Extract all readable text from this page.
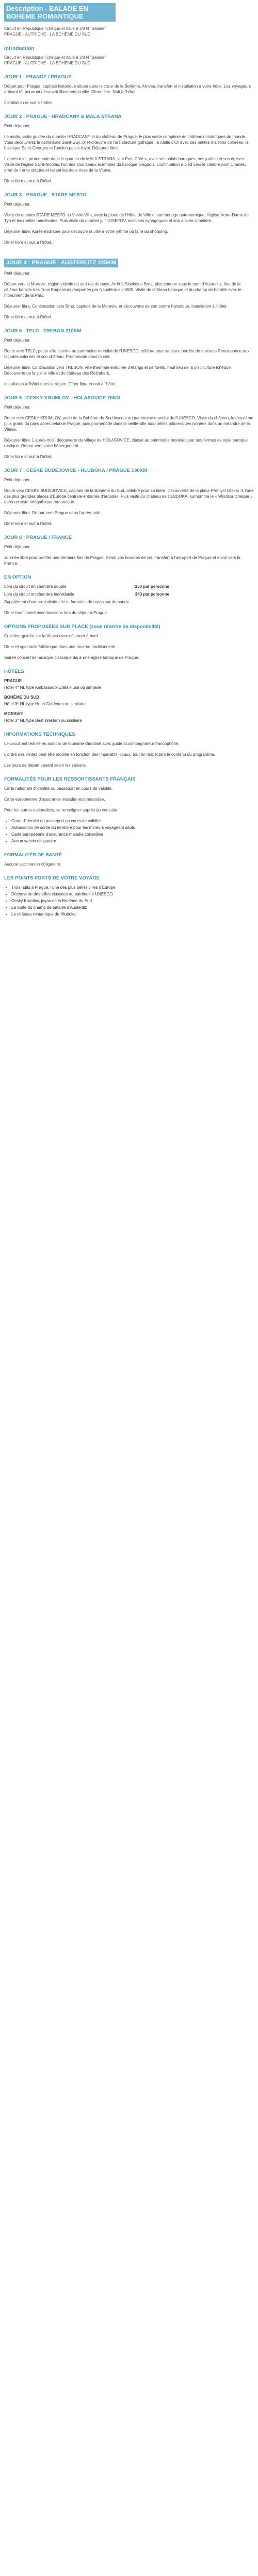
Description - BALADE EN BOHÈME ROMANTIQUE

Circuit en République Tchèque et Italie 9 J/8 N "Balade"

PRAGUE - AUTRICHE - LA BOHÈME DU SUD

Introduction

Circuit en République Tchèque et Italie 9 J/8 N "Balade"

PRAGUE - AUTRICHE - LA BOHÈME DU SUD

JOUR 1 : FRANCE / PRAGUE

Départ pour Prague, capitale historique située dans le cœur de la Bohême. Arrivée, transfert et installation à votre hôtel. Les voyageurs arrivant tôt pourront découvrir librement la ville. Dîner libre. Nuit à l'hôtel.

Installation et nuit à l'hôtel.

JOUR 2 : PRAGUE - HRADCANY & MALA STRANA

Petit déjeuner.

Le matin, visite guidée du quartier HRADCANY et du château de Prague, le plus vaste complexe de châteaux historiques du monde. Vous découvrirez la cathédrale Saint-Guy, chef-d'œuvre de l'architecture gothique, la ruelle d'Or avec ses petites maisons colorées, la basilique Saint-Georges et l'ancien palais royal. Déjeuner libre.

L'après-midi, promenade dans le quartier de MALA STRANA, le « Petit Côté », avec ses palais baroques, ses jardins et ses églises. Visite de l'église Saint-Nicolas, l'un des plus beaux exemples du baroque praguois. Continuation à pied vers le célèbre pont Charles, orné de trente statues et reliant les deux rives de la Vltava.

Dîner libre et nuit à l'hôtel.

JOUR 3 : PRAGUE - STARE MESTO

Petit déjeuner.

Visite du quartier STARE MESTO, la Vieille Ville, avec la place de l'Hôtel de Ville et son horloge astronomique, l'église Notre-Dame de Týn et les ruelles médiévales. Puis visite du quartier juif JOSEFOV, avec ses synagogues et son ancien cimetière.

Déjeuner libre. Après-midi libre pour découvrir la ville à votre rythme ou faire du shopping.

Dîner libre et nuit à l'hôtel.

JOUR 4 : PRAGUE - AUSTERLITZ 225KM

Petit déjeuner.

Départ vers la Moravie, région viticole du sud-est du pays. Arrêt à Slavkov u Brna, plus connue sous le nom d'Austerlitz, lieu de la célèbre bataille des Trois Empereurs remportée par Napoléon en 1805. Visite du château baroque et du champ de bataille avec le monument de la Paix.

Déjeuner libre. Continuation vers Brno, capitale de la Moravie, et découverte de son centre historique. Installation à l'hôtel.

Dîner libre et nuit à l'hôtel.

JOUR 5 : TELC - TREBON 210KM

Petit déjeuner.

Route vers TELC, petite ville inscrite au patrimoine mondial de l'UNESCO, célèbre pour sa place bordée de maisons Renaissance aux façades colorées et son château. Promenade dans la cité.

Déjeuner libre. Continuation vers TREBON, ville thermale entourée d'étangs et de forêts, haut lieu de la pisciculture tchèque. Découverte de la vieille ville et du château des Rožmberk.

Installation à l'hôtel dans la région. Dîner libre et nuit à l'hôtel.

JOUR 6 : CESKY KRUMLOV - HOLASOVICE 75KM

Petit déjeuner.

Route vers CESKY KRUMLOV, perle de la Bohême du Sud inscrite au patrimoine mondial de l'UNESCO. Visite du château, le deuxième plus grand du pays après celui de Prague, puis promenade dans la vieille ville aux ruelles pittoresques nichées dans un méandre de la Vltava.

Déjeuner libre. L'après-midi, découverte du village de HOLASOVICE, classé au patrimoine mondial pour ses fermes de style baroque rustique. Retour vers votre hébergement.

Dîner libre et nuit à l'hôtel.

JOUR 7 : CESKE BUDEJOVICE - HLUBOKA / PRAGUE 190KM

Petit déjeuner.

Route vers CESKE BUDEJOVICE, capitale de la Bohême du Sud, célèbre pour sa bière. Découverte de la place Přemysl Otakar II, l'une des plus grandes places d'Europe centrale entourée d'arcades. Puis visite du château de HLUBOKA, surnommé le « Windsor tchèque », dans un style néogothique romantique.

Déjeuner libre. Retour vers Prague dans l'après-midi.

Dîner libre et nuit à l'hôtel.

JOUR 8 : PRAGUE / FRANCE

Petit déjeuner.

Journée libre pour profiter une dernière fois de Prague. Selon vos horaires de vol, transfert à l'aéroport de Prague et envol vers la France.

EN OPTION
Lors du circuit en chambre double	250 par personne
Lors du circuit en chambre individuelle	340 par personne

Supplément chambre individuelle et formules de repas sur demande.

Dîner traditionnel avec boissons lors du séjour à Prague.

OPTIONS PROPOSÉES SUR PLACE (sous réserve de disponibilité)

Croisière guidée sur la Vltava avec déjeuner à bord.

Dîner et spectacle folklorique dans une taverne traditionnelle.

Soirée concert de musique classique dans une église baroque de Prague.

HÔTELS

PRAGUE

Hôtel 4* NL type Ambassador Zlata Husa ou similaire

BOHÈME DU SUD

Hôtel 3* NL type Hotel Goldenes ou similaire

MORAVIE

Hôtel 3* NL type Best Western ou similaire

INFORMATIONS TECHNIQUES

Le circuit est réalisé en autocar de tourisme climatisé avec guide accompagnateur francophone.

L'ordre des visites peut être modifié en fonction des impératifs locaux, tout en respectant le contenu du programme.

Les jours de départ varient selon les saisons.

FORMALITÉS POUR LES RESSORTISSANTS FRANÇAIS

Carte nationale d'identité ou passeport en cours de validité.

Carte européenne d'assurance maladie recommandée.

Pour les autres nationalités, se renseigner auprès du consulat.

• Carte d'identité ou passeport en cours de validité
• Autorisation de sortie du territoire pour les mineurs voyageant seuls
• Carte européenne d'assurance maladie conseillée
• Aucun vaccin obligatoire
FORMALITÉS DE SANTÉ

Aucune vaccination obligatoire.

LES POINTS FORTS DE VOTRE VOYAGE
• Trois nuits à Prague, l'une des plus belles villes d'Europe
• Découverte des villes classées au patrimoine UNESCO
• Cesky Krumlov, joyau de la Bohême du Sud
• La visite du champ de bataille d'Austerlitz
• Le château romantique de Hluboka
